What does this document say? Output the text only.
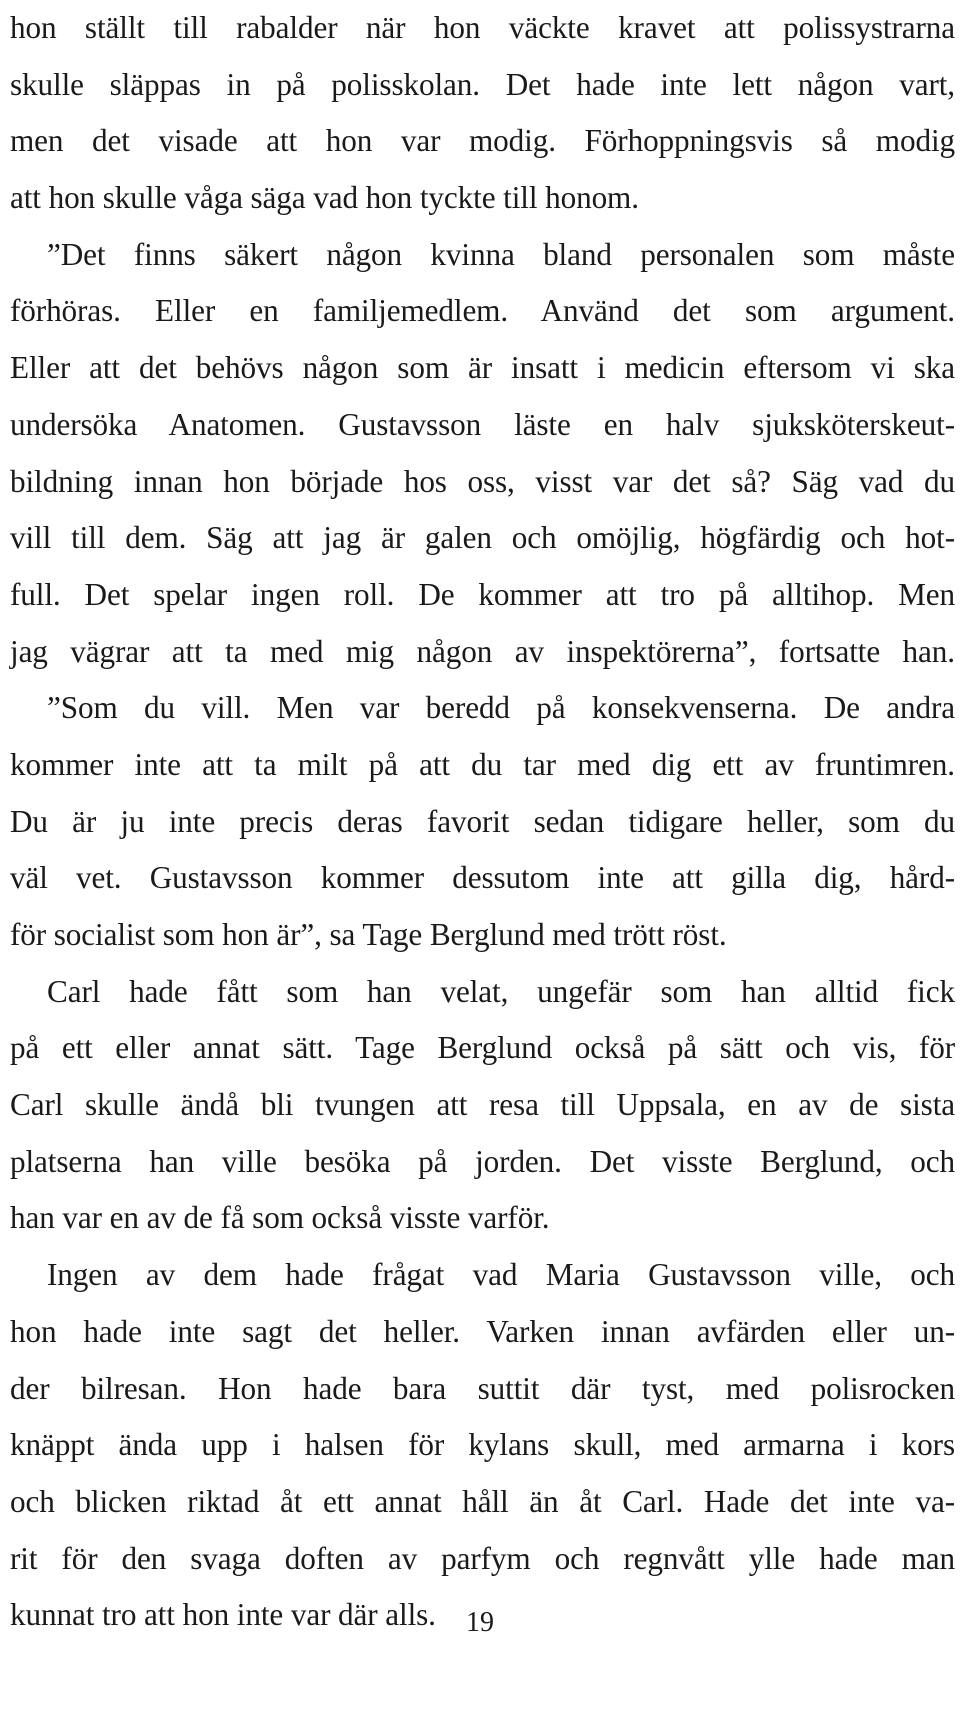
hon ställt till rabalder när hon väckte kravet att polissystrarna
skulle släppas in på polisskolan. Det hade inte lett någon vart,
men det visade att hon var modig. Förhoppningsvis så modig
att hon skulle våga säga vad hon tyckte till honom.
”Det finns säkert någon kvinna bland personalen som måste
förhöras. Eller en familjemedlem. Använd det som argument.
Eller att det behövs någon som är insatt i medicin eftersom vi ska
undersöka Anatomen. Gustavsson läste en halv sjuksköterskeut-
bildning innan hon började hos oss, visst var det så? Säg vad du
vill till dem. Säg att jag är galen och omöjlig, högfärdig och hot-
full. Det spelar ingen roll. De kommer att tro på alltihop. Men
jag vägrar att ta med mig någon av inspektörerna”, fortsatte han.
”Som du vill. Men var beredd på konsekvenserna. De andra
kommer inte att ta milt på att du tar med dig ett av fruntimren.
Du är ju inte precis deras favorit sedan tidigare heller, som du
väl vet. Gustavsson kommer dessutom inte att gilla dig, hård-
för socialist som hon är”, sa Tage Berglund med trött röst.
Carl hade fått som han velat, ungefär som han alltid fick
på ett eller annat sätt. Tage Berglund också på sätt och vis, för
Carl skulle ändå bli tvungen att resa till Uppsala, en av de sista
platserna han ville besöka på jorden. Det visste Berglund, och
han var en av de få som också visste varför.
Ingen av dem hade frågat vad Maria Gustavsson ville, och
hon hade inte sagt det heller. Varken innan avfärden eller un-
der bilresan. Hon hade bara suttit där tyst, med polisrocken
knäppt ända upp i halsen för kylans skull, med armarna i kors
och blicken riktad åt ett annat håll än åt Carl. Hade det inte va-
rit för den svaga doften av parfym och regnvått ylle hade man
kunnat tro att hon inte var där alls.	19
